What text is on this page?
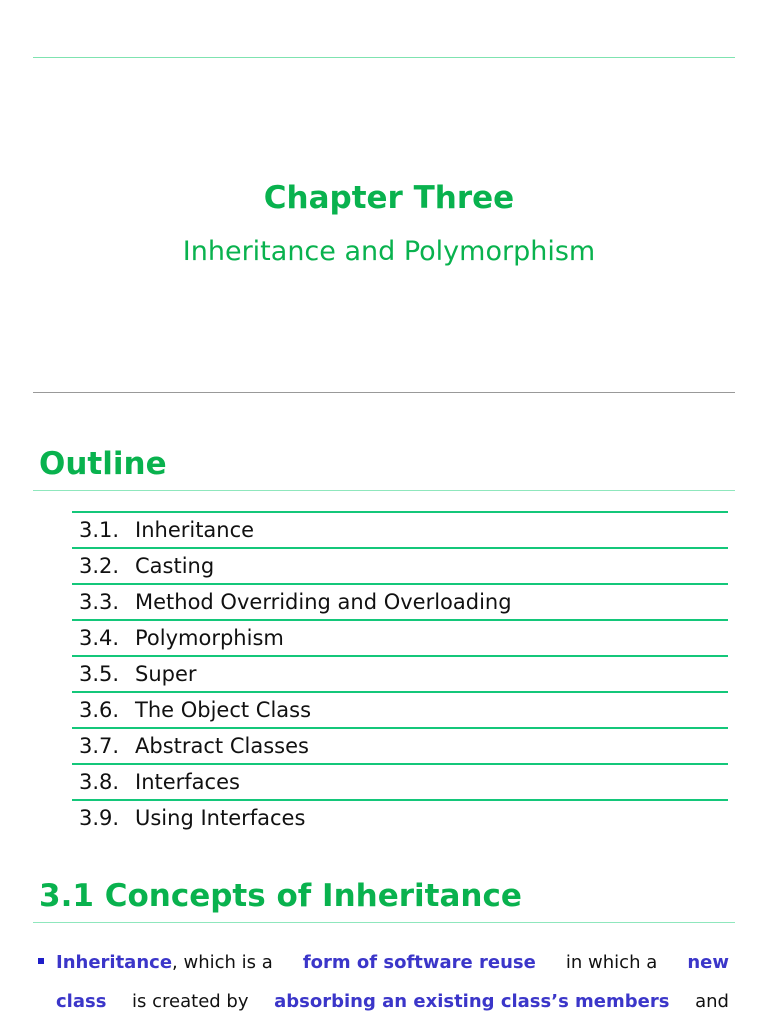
Chapter Three
Inheritance and Polymorphism
Outline
3.1. Inheritance
3.2. Casting
3.3. Method Overriding and Overloading
3.4. Polymorphism
3.5. Super
3.6. The Object Class
3.7. Abstract Classes
3.8. Interfaces
3.9. Using Interfaces
3.1 Concepts of Inheritance
Inheritance, which is a form of software reuse in which a new
class is created by absorbing an existing class’s members and
